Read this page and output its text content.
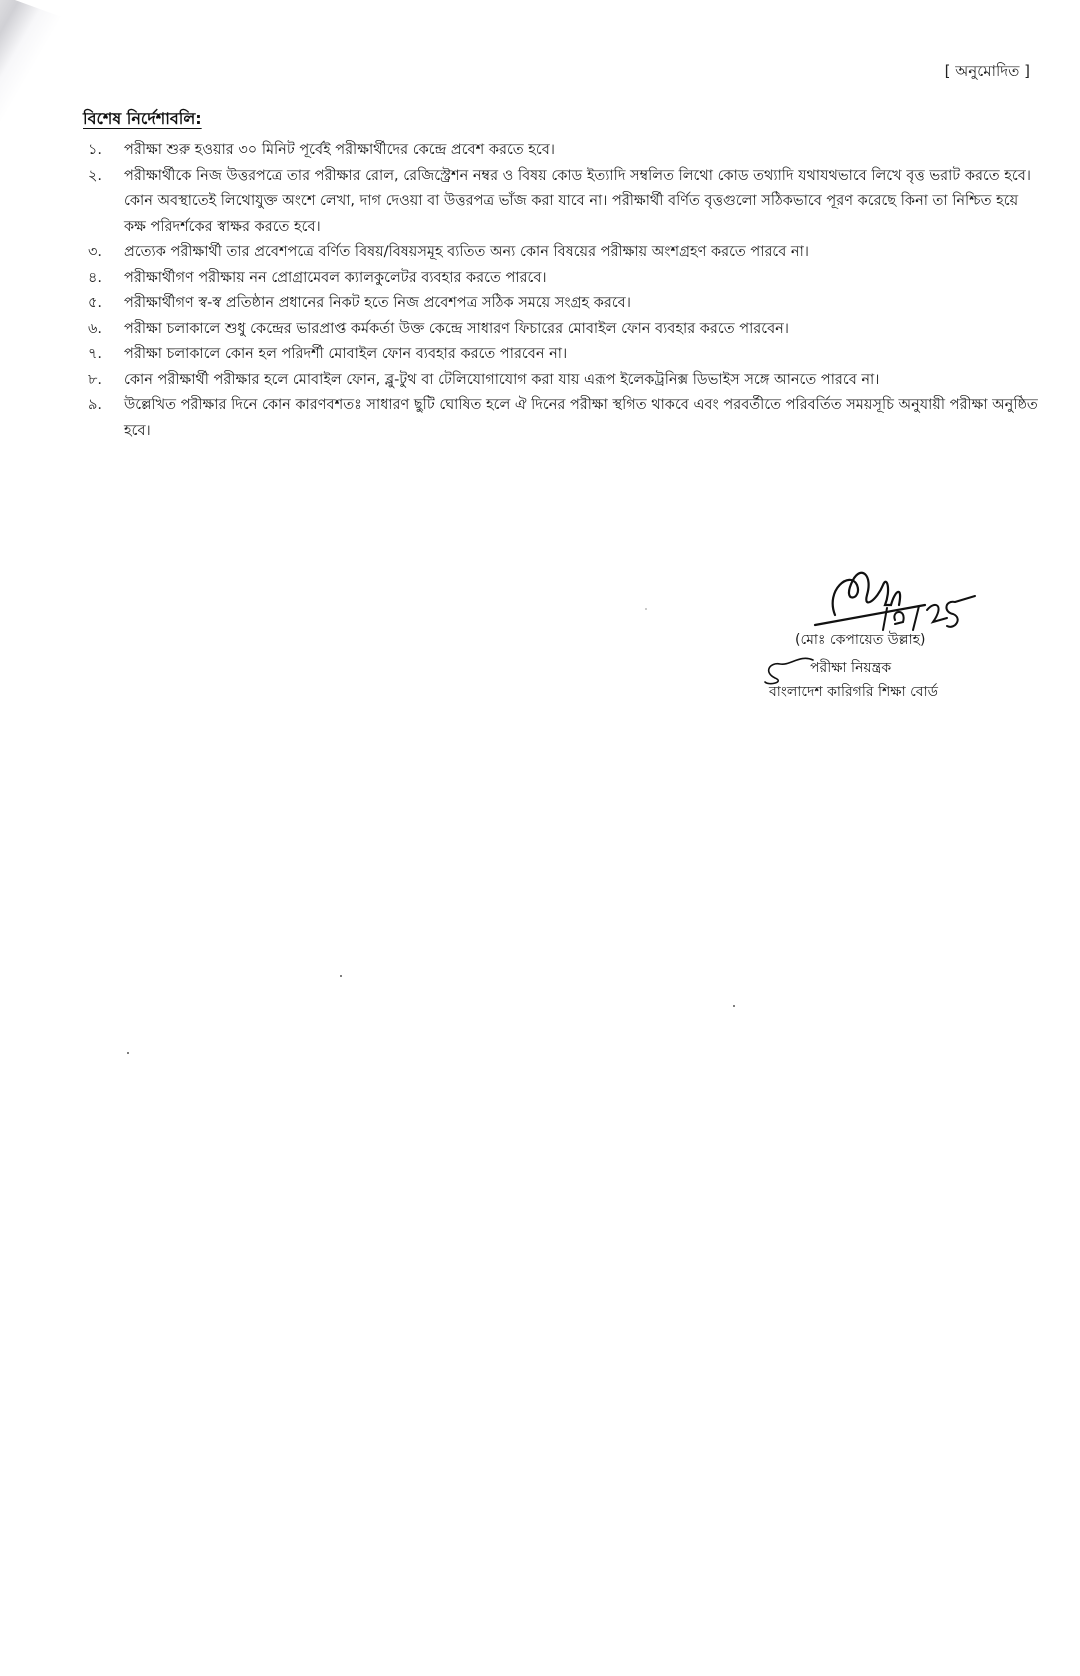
[ অনুমোদিত ]
বিশেষ নির্দেশাবলি:
১.	পরীক্ষা শুরু হওয়ার ৩০ মিনিট পূর্বেই পরীক্ষার্থীদের কেন্দ্রে প্রবেশ করতে হবে।
২.	পরীক্ষার্থীকে নিজ উত্তরপত্রে তার পরীক্ষার রোল, রেজিস্ট্রেশন নম্বর ও বিষয় কোড ইত্যাদি সম্বলিত লিথো কোড তথ্যাদি যথাযথভাবে লিখে বৃত্ত ভরাট করতে হবে। কোন অবস্থাতেই লিথোযুক্ত অংশে লেখা, দাগ দেওয়া বা উত্তরপত্র ভাঁজ করা যাবে না। পরীক্ষার্থী বর্ণিত বৃত্তগুলো সঠিকভাবে পূরণ করেছে কিনা তা নিশ্চিত হয়ে কক্ষ পরিদর্শকের স্বাক্ষর করতে হবে।
৩.	প্রত্যেক পরীক্ষার্থী তার প্রবেশপত্রে বর্ণিত বিষয়/বিষয়সমূহ ব্যতিত অন্য কোন বিষয়ের পরীক্ষায় অংশগ্রহণ করতে পারবে না।
৪.	পরীক্ষার্থীগণ পরীক্ষায় নন প্রোগ্রামেবল ক্যালকুলেটর ব্যবহার করতে পারবে।
৫.	পরীক্ষার্থীগণ স্ব-স্ব প্রতিষ্ঠান প্রধানের নিকট হতে নিজ প্রবেশপত্র সঠিক সময়ে সংগ্রহ করবে।
৬.	পরীক্ষা চলাকালে শুধু কেন্দ্রের ভারপ্রাপ্ত কর্মকর্তা উক্ত কেন্দ্রে সাধারণ ফিচারের মোবাইল ফোন ব্যবহার করতে পারবেন।
৭.	পরীক্ষা চলাকালে কোন হল পরিদর্শী মোবাইল ফোন ব্যবহার করতে পারবেন না।
৮.	কোন পরীক্ষার্থী পরীক্ষার হলে মোবাইল ফোন, ব্লু-টুথ বা টেলিযোগাযোগ করা যায় এরূপ ইলেকট্রনিক্স ডিভাইস সঙ্গে আনতে পারবে না।
৯.	উল্লেখিত পরীক্ষার দিনে কোন কারণবশতঃ সাধারণ ছুটি ঘোষিত হলে ঐ দিনের পরীক্ষা স্থগিত থাকবে এবং পরবর্তীতে পরিবর্তিত সময়সূচি অনুযায়ী পরীক্ষা অনুষ্ঠিত হবে।
(মোঃ কেপায়েত উল্লাহ)
পরীক্ষা নিয়ন্ত্রক
বাংলাদেশ কারিগরি শিক্ষা বোর্ড
